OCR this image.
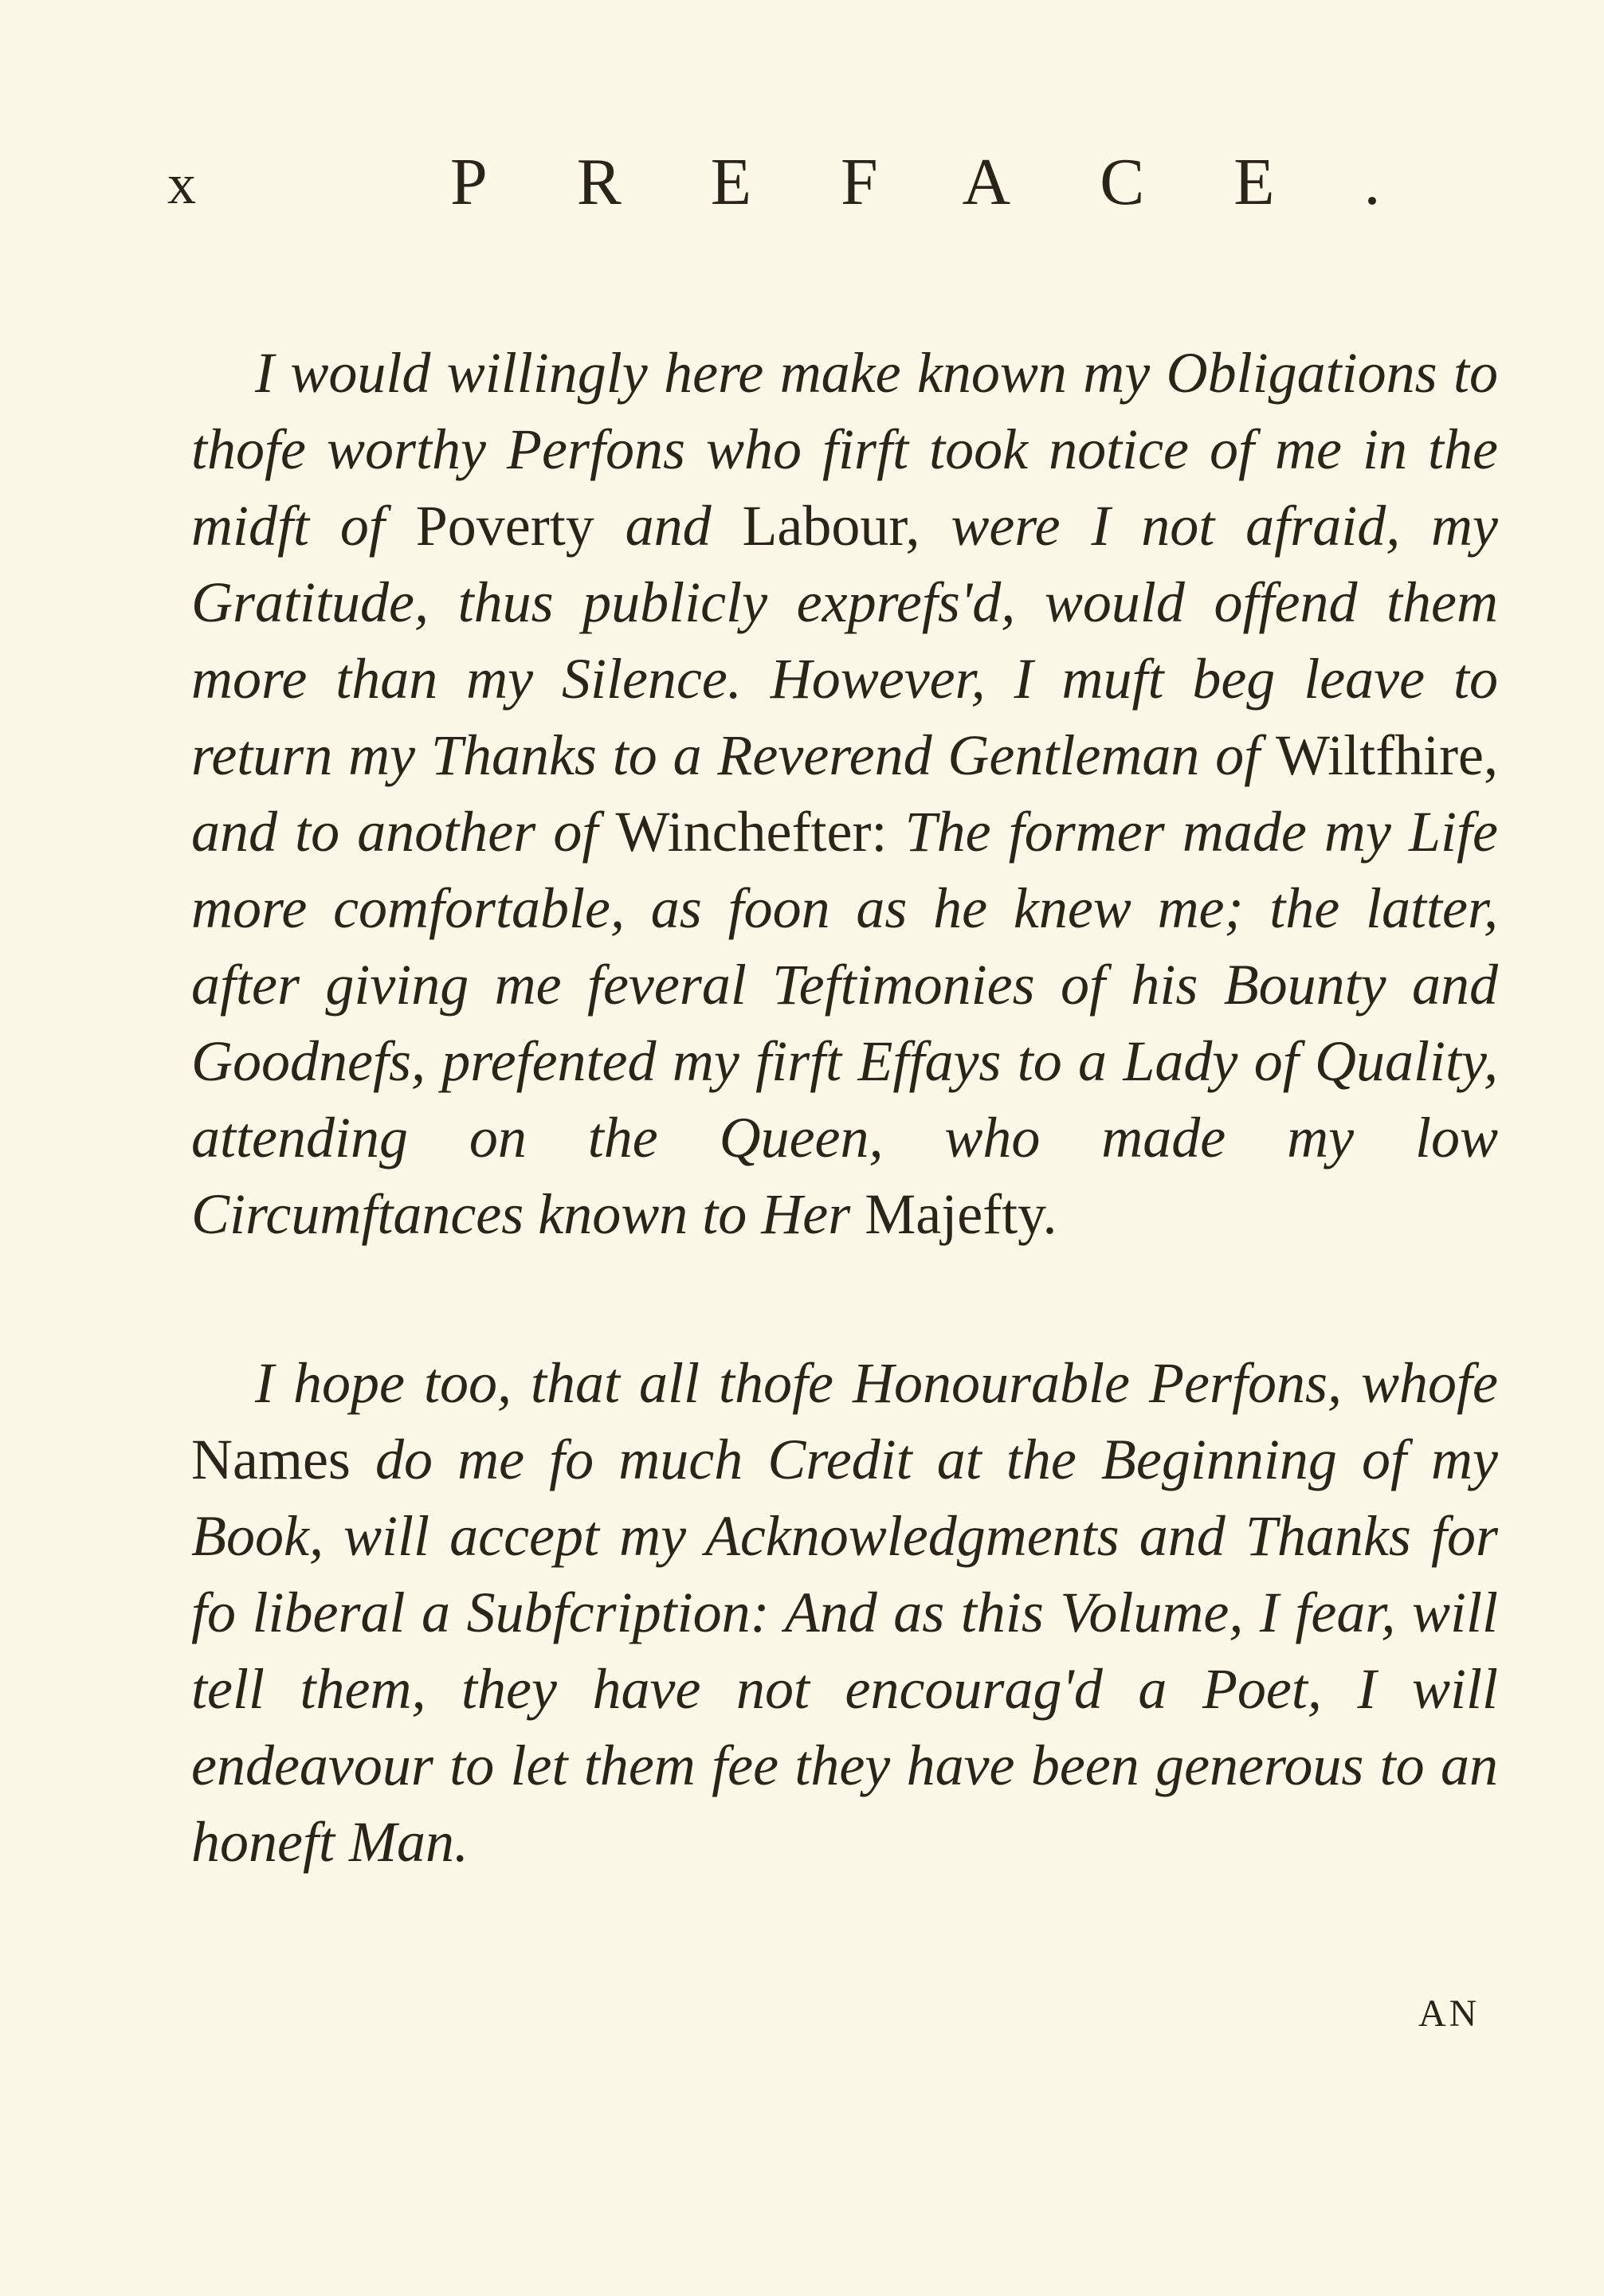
x	PREFACE.

I would willingly here make known my Obligations to thofe worthy Perfons who firft took notice of me in the midft of Poverty and Labour, were I not afraid, my Gratitude, thus publicly exprefs'd, would offend them more than my Silence. However, I muft beg leave to return my Thanks to a Reverend Gentleman of Wiltfhire, and to another of Winchefter: The former made my Life more comfortable, as foon as he knew me; the latter, after giving me feveral Teftimonies of his Bounty and Goodnefs, prefented my firft Effays to a Lady of Quality, attending on the Queen, who made my low Circumftances known to Her Majefty.

I hope too, that all thofe Honourable Perfons, whofe Names do me fo much Credit at the Beginning of my Book, will accept my Acknowledgments and Thanks for fo liberal a Subfcription: And as this Volume, I fear, will tell them, they have not encourag'd a Poet, I will endeavour to let them fee they have been generous to an honeft Man.

AN
